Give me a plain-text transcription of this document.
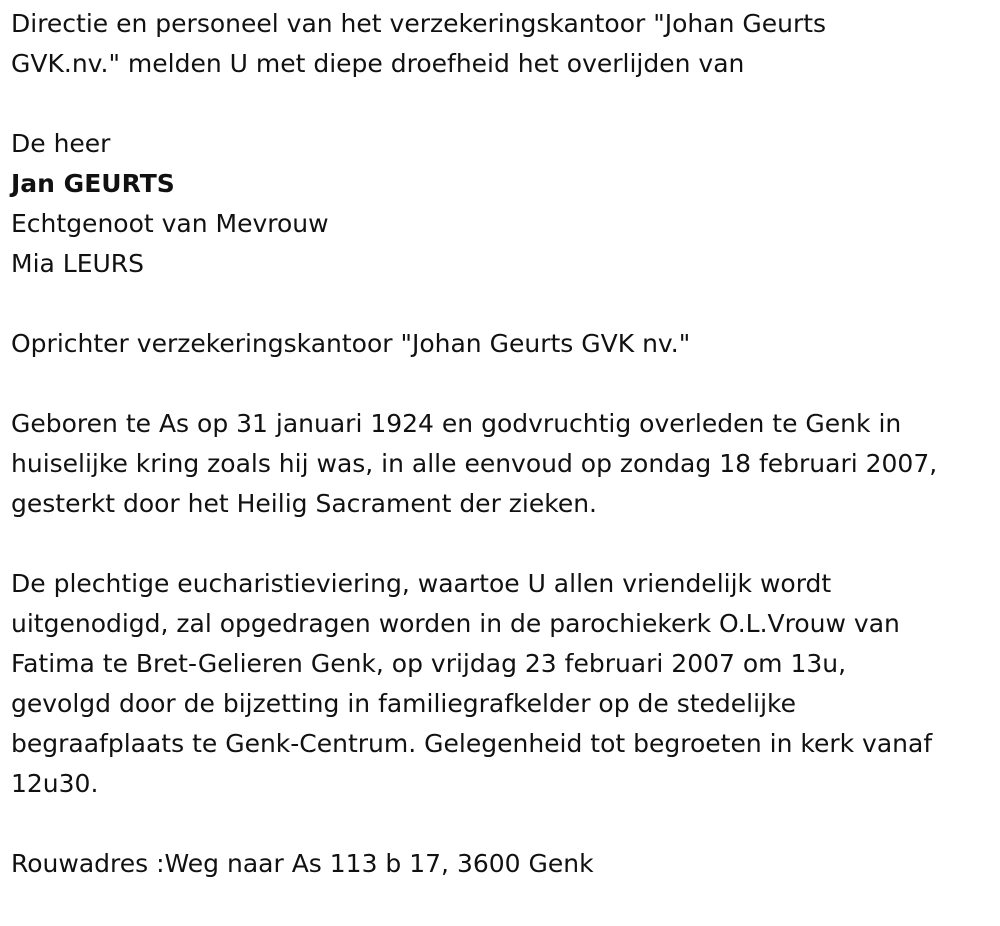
Directie en personeel van het verzekeringskantoor "Johan Geurts
GVK.nv." melden U met diepe droefheid het overlijden van

De heer

Jan GEURTS

Echtgenoot van Mevrouw

Mia LEURS

Oprichter verzekeringskantoor "Johan Geurts GVK nv."

Geboren te As op 31 januari 1924 en godvruchtig overleden te Genk in
huiselijke kring zoals hij was, in alle eenvoud op zondag 18 februari 2007,
gesterkt door het Heilig Sacrament der zieken.

De plechtige eucharistieviering, waartoe U allen vriendelijk wordt
uitgenodigd, zal opgedragen worden in de parochiekerk O.L.Vrouw van
Fatima te Bret-Gelieren Genk, op vrijdag 23 februari 2007 om 13u,
gevolgd door de bijzetting in familiegrafkelder op de stedelijke
begraafplaats te Genk-Centrum. Gelegenheid tot begroeten in kerk vanaf
12u30.

Rouwadres :Weg naar As 113 b 17, 3600 Genk
